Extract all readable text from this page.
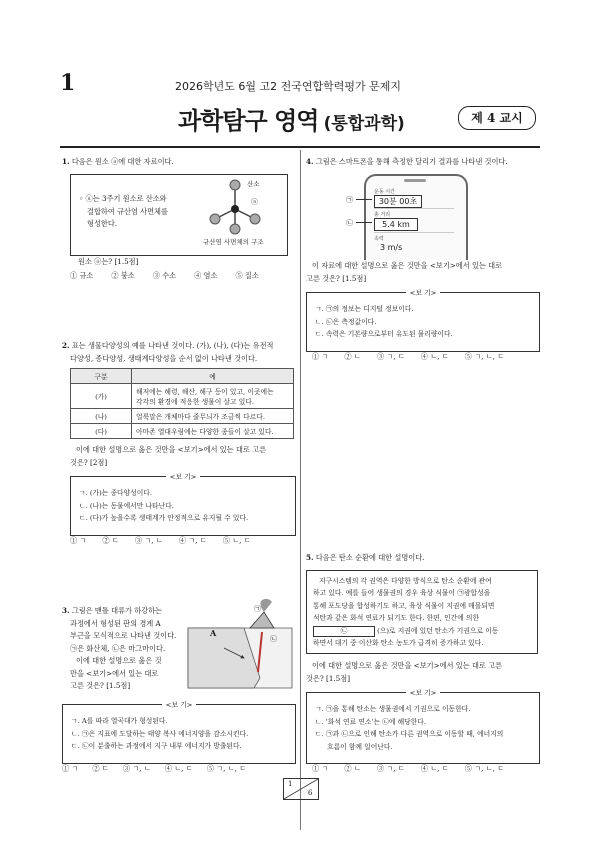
1	2026학년도 6월 고2 전국연합학력평가 문제지
과학탐구 영역 (통합과학)	제 4 교시
1. 다음은 원소 ⓐ에 대한 자료이다.
◦ ⓐ는 3주기 원소로 산소와
결합하여 규산염 사면체를
형성한다.
산소
ⓐ
규산염 사면체의 구조
원소 ⓐ는? [1.5점]
① 규소	② 붕소	③ 수소	④ 염소	⑤ 질소
2. 표는 생물다양성의 예를 나타낸 것이다. (가), (나), (다)는 유전적
다양성, 종다양성, 생태계다양성을 순서 없이 나타낸 것이다.
구분	예
(가)	해저에는 해령, 해산, 해구 등이 있고, 이곳에는
각각의 환경에 적응한 생물이 살고 있다.

(나)	얼룩말은 개체마다 줄무늬가 조금씩 다르다.
(다)	아마존 열대우림에는 다양한 종들이 살고 있다.
이에 대한 설명으로 옳은 것만을 <보기>에서 있는 대로 고른
것은? [2점]
<보 기>
ㄱ. (가)는 종다양성이다.
ㄴ. (나)는 동물에서만 나타난다.
ㄷ. (다)가 높을수록 생태계가 안정적으로 유지될 수 있다.
① ㄱ ② ㄷ ③ ㄱ, ㄴ ④ ㄱ, ㄷ ⑤ ㄴ, ㄷ
3. 그림은 맨틀 대류가 하강하는
과정에서 형성된 판의 경계 A
부근을 모식적으로 나타낸 것이다.
㉠은 화산체, ㉡은 마그마이다.
이에 대한 설명으로 옳은 것
만을 <보기>에서 있는 대로
고른 것은? [1.5점]
A
㉠
㉡
<보 기>
ㄱ. A를 따라 열곡대가 형성된다.
ㄴ. ㉠은 지표에 도달하는 태양 복사 에너지양을 감소시킨다.
ㄷ. ㉡이 분출하는 과정에서 지구 내부 에너지가 방출된다.
① ㄱ ② ㄷ ③ ㄱ, ㄴ ④ ㄴ, ㄷ ⑤ ㄱ, ㄴ, ㄷ
4. 그림은 스마트폰을 통해 측정한 달리기 결과를 나타낸 것이다.
운동 시간
30분 00초
총 거리
5.4 km
속력
3 m/s
㉠
㉡
이 자료에 대한 설명으로 옳은 것만을 <보기>에서 있는 대로
고른 것은? [1.5점]
<보 기>
ㄱ. ㉠의 정보는 디지털 정보이다.
ㄴ. ㉡은 측정값이다.
ㄷ. 속력은 기본량으로부터 유도된 물리량이다.
① ㄱ ② ㄴ ③ ㄱ, ㄷ ④ ㄴ, ㄷ ⑤ ㄱ, ㄴ, ㄷ
5. 다음은 탄소 순환에 대한 설명이다.
지구시스템의 각 권역은 다양한 방식으로 탄소 순환에 관여
하고 있다. 예를 들어 생물권의 경우 육상 식물이 ㉠광합성을
통해 포도당을 합성하기도 하고, 육상 식물이 지권에 매몰되면
석탄과 같은 화석 연료가 되기도 한다. 한편, 인간에 의한
㉡	(으)로 지권에 있던 탄소가 기권으로 이동
하면서 대기 중 이산화 탄소 농도가 급격히 증가하고 있다.
이에 대한 설명으로 옳은 것만을 <보기>에서 있는 대로 고른
것은? [1.5점]
<보 기>
ㄱ. ㉠을 통해 탄소는 생물권에서 기권으로 이동한다.
ㄴ. '화석 연료 연소'는 ㉡에 해당한다.
ㄷ. ㉠과 ㉡으로 인해 탄소가 다른 권역으로 이동할 때, 에너지의
흐름이 함께 일어난다.
① ㄱ ② ㄴ ③ ㄱ, ㄷ ④ ㄴ, ㄷ ⑤ ㄱ, ㄴ, ㄷ
1
6
